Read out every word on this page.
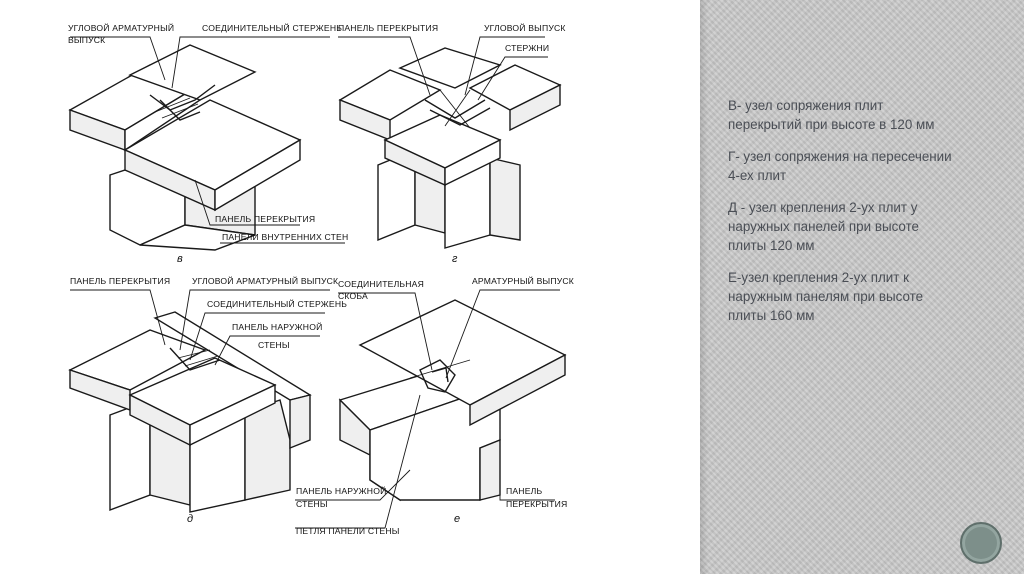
УГЛОВОЙ АРМАТУРНЫЙ
ВЫПУСК
СОЕДИНИТЕЛЬНЫЙ СТЕРЖЕНЬ
ПАНЕЛЬ ПЕРЕКРЫТИЯ
ПАНЕЛИ ВНУТРЕННИХ СТЕН
в
ПАНЕЛЬ ПЕРЕКРЫТИЯ	УГЛОВОЙ ВЫПУСК
СТЕРЖНИ
г
ПАНЕЛЬ ПЕРЕКРЫТИЯ	УГЛОВОЙ АРМАТУРНЫЙ ВЫПУСК
СОЕДИНИТЕЛЬНЫЙ СТЕРЖЕНЬ
ПАНЕЛЬ НАРУЖНОЙ
СТЕНЫ
д
СОЕДИНИТЕЛЬНАЯ
СКОБА
АРМАТУРНЫЙ ВЫПУСК
ПАНЕЛЬ НАРУЖНОЙ
СТЕНЫ
ПЕТЛЯ ПАНЕЛИ СТЕНЫ
ПАНЕЛЬ
ПЕРЕКРЫТИЯ
е
В- узел сопряжения плит
перекрытий при высоте в 120 мм
Г- узел сопряжения на пересечении
4-ех плит
Д - узел крепления 2-ух плит у
наружных панелей при высоте
плиты 120 мм
Е-узел крепления 2-ух плит к
наружным панелям при высоте
плиты 160 мм
